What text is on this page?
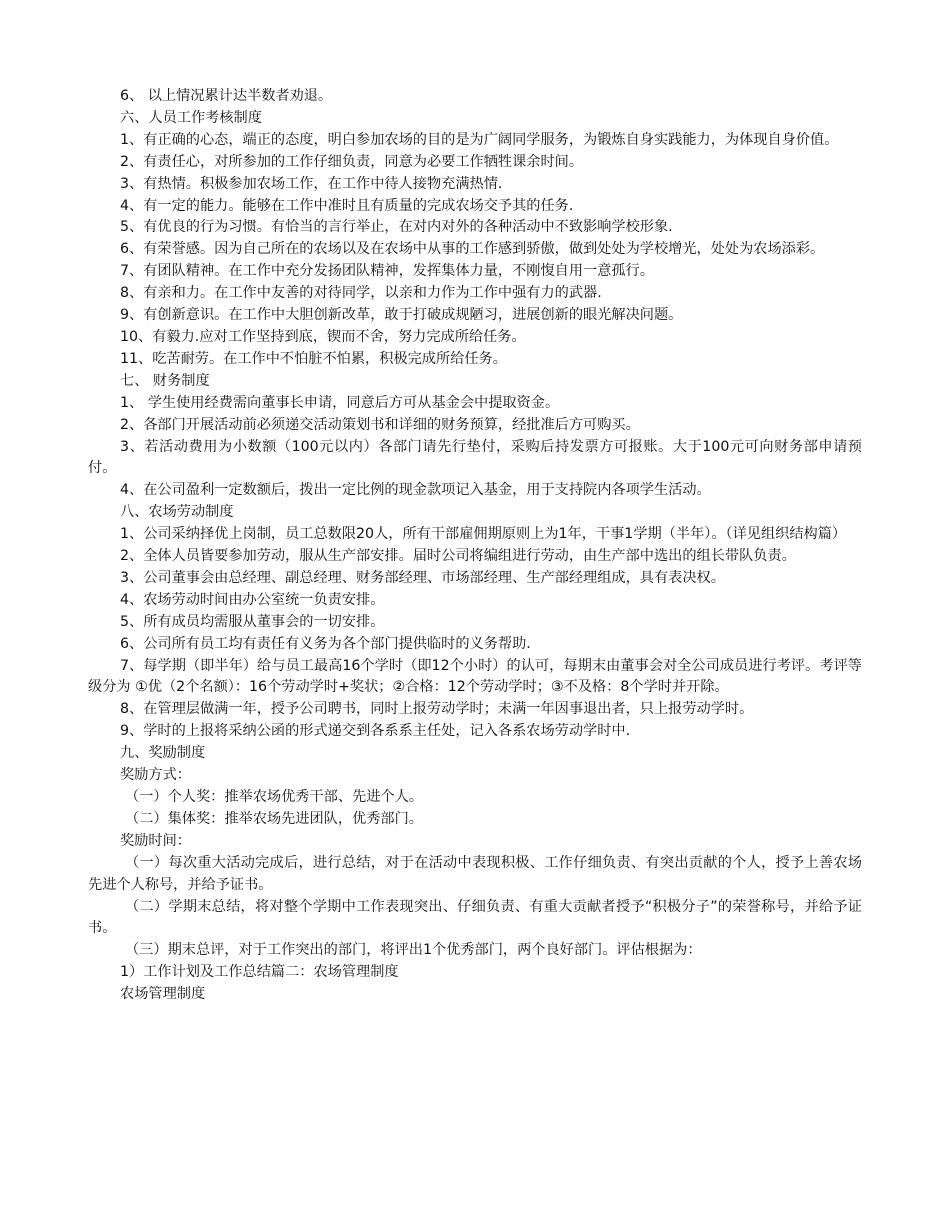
6、 以上情况累计达半数者劝退。

六、人员工作考核制度

1、有正确的心态，端正的态度，明白参加农场的目的是为广阔同学服务，为锻炼自身实践能力，为体现自身价值。

2、有责任心，对所参加的工作仔细负责，同意为必要工作牺牲课余时间。

3、有热情。积极参加农场工作，在工作中待人接物充满热情.

4、有一定的能力。能够在工作中准时且有质量的完成农场交予其的任务.

5、有优良的行为习惯。有恰当的言行举止，在对内对外的各种活动中不致影响学校形象.

6、有荣誉感。因为自己所在的农场以及在农场中从事的工作感到骄傲，做到处处为学校增光，处处为农场添彩。

7、有团队精神。在工作中充分发扬团队精神，发挥集体力量，不刚愎自用一意孤行。

8、有亲和力。在工作中友善的对待同学，以亲和力作为工作中强有力的武器.

9、有创新意识。在工作中大胆创新改革，敢于打破成规陋习，进展创新的眼光解决问题。

10、有毅力.应对工作坚持到底，锲而不舍，努力完成所给任务。

11、吃苦耐劳。在工作中不怕脏不怕累，积极完成所给任务。

七、 财务制度

1、 学生使用经费需向董事长申请，同意后方可从基金会中提取资金。

2、各部门开展活动前必须递交活动策划书和详细的财务预算，经批准后方可购买。

3、若活动费用为小数额（100元以内）各部门请先行垫付，采购后持发票方可报账。大于100元可向财务部申请预付。

4、在公司盈利一定数额后，拨出一定比例的现金款项记入基金，用于支持院内各项学生活动。

八、农场劳动制度

1、公司采纳择优上岗制，员工总数限20人，所有干部雇佣期原则上为1年，干事1学期（半年）。（详见组织结构篇）

2、全体人员皆要参加劳动，服从生产部安排。届时公司将编组进行劳动，由生产部中选出的组长带队负责。

3、公司董事会由总经理、副总经理、财务部经理、市场部经理、生产部经理组成，具有表决权。

4、农场劳动时间由办公室统一负责安排。

5、所有成员均需服从董事会的一切安排。

6、公司所有员工均有责任有义务为各个部门提供临时的义务帮助.

7、每学期（即半年）给与员工最高16个学时（即12个小时）的认可，每期末由董事会对全公司成员进行考评。考评等级分为 ①优（2个名额）：16个劳动学时+奖状；②合格：12个劳动学时；③不及格：8个学时并开除。

8、在管理层做满一年，授予公司聘书，同时上报劳动学时；未满一年因事退出者，只上报劳动学时。

9、学时的上报将采纳公函的形式递交到各系系主任处，记入各系农场劳动学时中.

九、奖励制度

奖励方式：

（一）个人奖：推举农场优秀干部、先进个人。

（二）集体奖：推举农场先进团队，优秀部门。

奖励时间：

（一）每次重大活动完成后，进行总结，对于在活动中表现积极、工作仔细负责、有突出贡献的个人，授予上善农场先进个人称号，并给予证书。

（二）学期末总结，将对整个学期中工作表现突出、仔细负责、有重大贡献者授予“积极分子”的荣誉称号，并给予证书。

（三）期末总评，对于工作突出的部门，将评出1个优秀部门，两个良好部门。评估根据为：

1）工作计划及工作总结篇二：农场管理制度

农场管理制度
